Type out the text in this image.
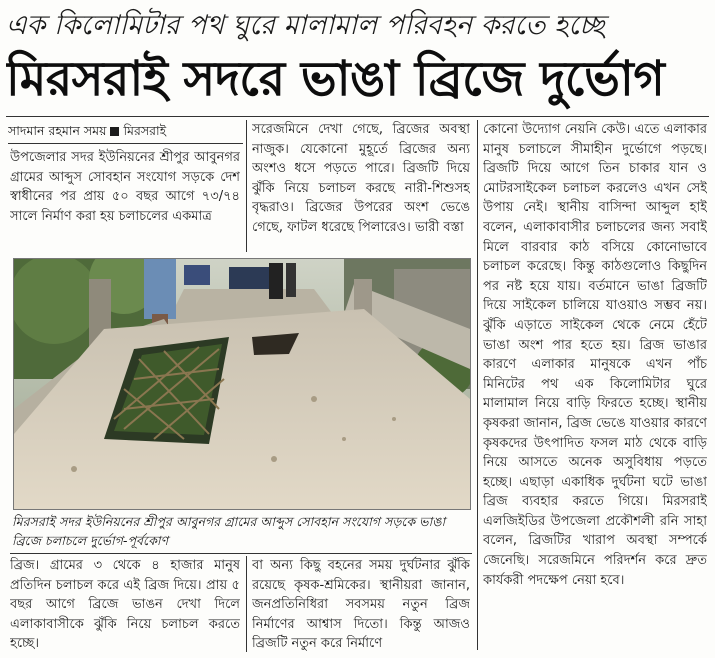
এক কিলোমিটার পথ ঘুরে মালামাল পরিবহন করতে হচ্ছে
মিরসরাই সদরে ভাঙা ব্রিজে দুর্ভোগ
সাদমান রহমান সময় মিরসরাই
উপজেলার সদর ইউনিয়নের শ্রীপুর আবুনগর গ্রামের আব্দুস সোবহান সংযোগ সড়কে দেশ স্বাধীনের পর প্রায় ৫০ বছর আগে ৭৩/৭৪ সালে নির্মাণ করা হয় চলাচলের একমাত্র
সরেজমিনে দেখা গেছে, ব্রিজের অবস্থা নাজুক। যেকোনো মুহূর্তে ব্রিজের অন্য অংশও ধসে পড়তে পারে। ব্রিজটি দিয়ে ঝুঁকি নিয়ে চলাচল করছে নারী-শিশুসহ বৃদ্ধরাও। ব্রিজের উপরের অংশ ভেঙে গেছে, ফাটল ধরেছে পিলারেও। ভারী বস্তা
কোনো উদ্যোগ নেয়নি কেউ। এতে এলাকার মানুষ চলাচলে সীমাহীন দুর্ভোগে পড়ছে। ব্রিজটি দিয়ে আগে তিন চাকার যান ও মোটরসাইকেল চলাচল করলেও এখন সেই উপায় নেই। স্থানীয় বাসিন্দা আব্দুল হাই বলেন, এলাকাবাসীর চলাচলের জন্য সবাই মিলে বারবার কাঠ বসিয়ে কোনোভাবে চলাচল করেছে। কিন্তু কাঠগুলোও কিছুদিন পর নষ্ট হয়ে যায়। বর্তমানে ভাঙা ব্রিজটি দিয়ে সাইকেল চালিয়ে যাওয়াও সম্ভব নয়। ঝুঁকি এড়াতে সাইকেল থেকে নেমে হেঁটে ভাঙা অংশ পার হতে হয়। ব্রিজ ভাঙার কারণে এলাকার মানুষকে এখন পাঁচ মিনিটের পথ এক কিলোমিটার ঘুরে মালামাল নিয়ে বাড়ি ফিরতে হচ্ছে। স্থানীয় কৃষকরা জানান, ব্রিজ ভেঙে যাওয়ার কারণে কৃষকদের উৎপাদিত ফসল মাঠ থেকে বাড়ি নিয়ে আসতে অনেক অসুবিধায় পড়তে হচ্ছে। এছাড়া একাধিক দুর্ঘটনা ঘটে ভাঙা ব্রিজ ব্যবহার করতে গিয়ে। মিরসরাই এলজিইডির উপজেলা প্রকৌশলী রনি সাহা বলেন, ব্রিজটির খারাপ অবস্থা সম্পর্কে জেনেছি। সরেজমিনে পরিদর্শন করে দ্রুত কার্যকরী পদক্ষেপ নেয়া হবে।
মিরসরাই সদর ইউনিয়নের শ্রীপুর আবুনগর গ্রামের আব্দুস সোবহান সংযোগ সড়কে ভাঙা ব্রিজে চলাচলে দুর্ভোগ-পূর্বকোণ
ব্রিজ। গ্রামের ৩ থেকে ৪ হাজার মানুষ প্রতিদিন চলাচল করে এই ব্রিজ দিয়ে। প্রায় ৫ বছর আগে ব্রিজে ভাঙন দেখা দিলে এলাকাবাসীকে ঝুঁকি নিয়ে চলাচল করতে হচ্ছে।
বা অন্য কিছু বহনের সময় দুর্ঘটনার ঝুঁকি রয়েছে কৃষক-শ্রমিকের। স্থানীয়রা জানান, জনপ্রতিনিধিরা সবসময় নতুন ব্রিজ নির্মাণের আশ্বাস দিতো। কিন্তু আজও ব্রিজটি নতুন করে নির্মাণে
